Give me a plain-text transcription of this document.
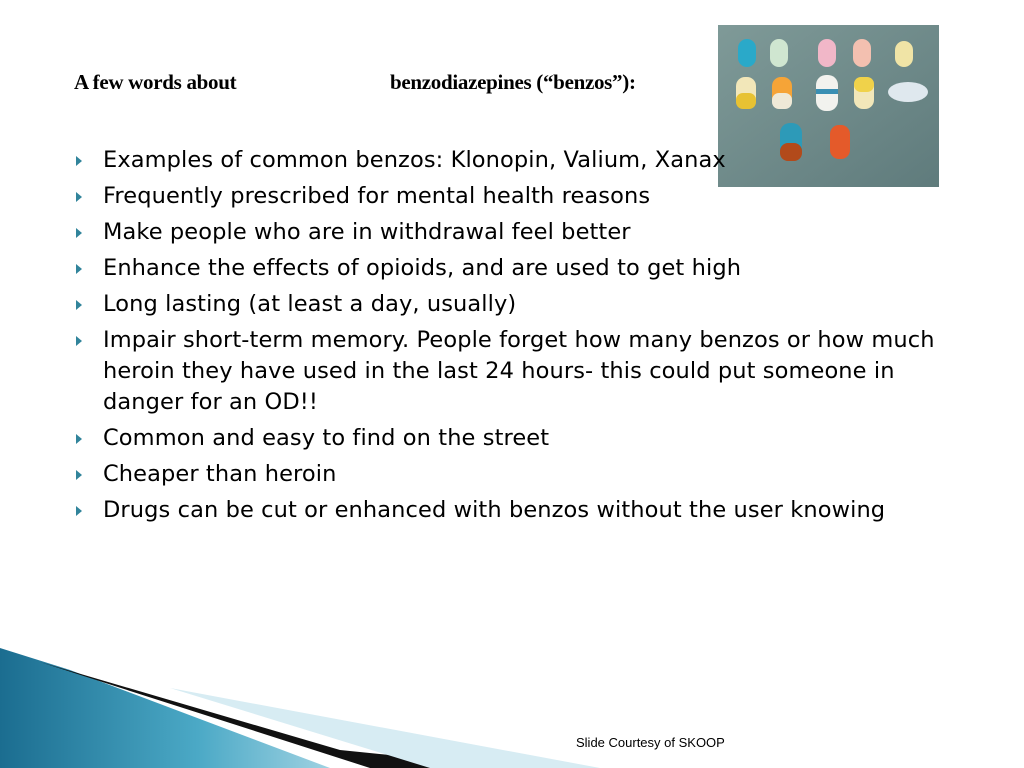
A few words about	benzodiazepines (“benzos”):
Examples of common benzos: Klonopin, Valium, Xanax
Frequently prescribed for mental health reasons
Make people who are in withdrawal feel better
Enhance the effects of opioids, and are used to get high
Long lasting (at least a day, usually)
Impair short-term memory. People forget how many benzos or how much heroin they have used in the last 24 hours- this could put someone in danger for an OD!!
Common and easy to find on the street
Cheaper than heroin
Drugs can be cut or enhanced with benzos without the user knowing
Slide Courtesy of SKOOP
